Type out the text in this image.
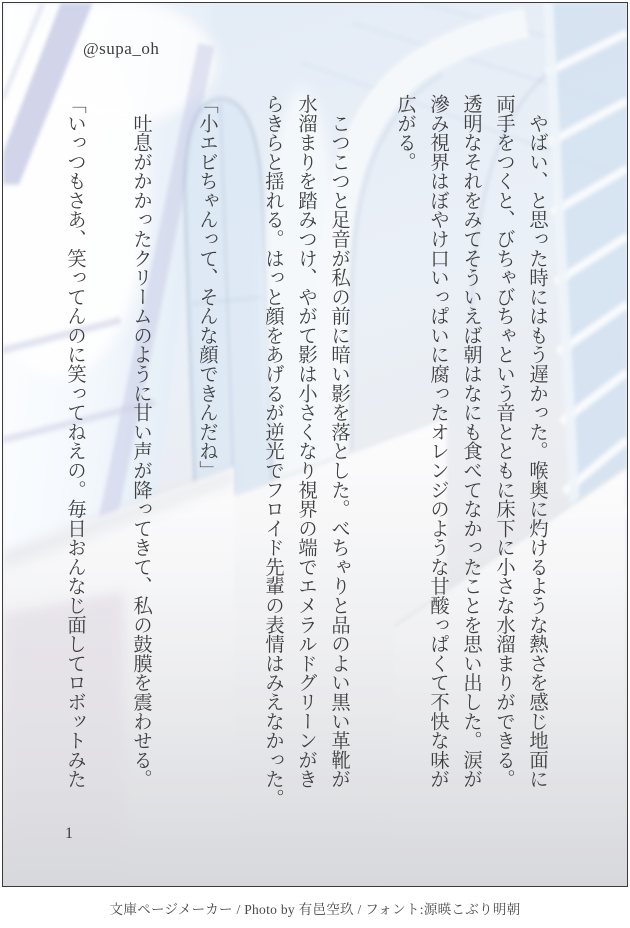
@supa_oh

　やばい、と思った時にはもう遅かった。喉奥に灼けるような熱さを感じ地面に
両手をつくと、びちゃびちゃという音とともに床下に小さな水溜まりができる。
透明なそれをみてそういえば朝はなにも食べてなかったことを思い出した。涙が
滲み視界はぼやけ口いっぱいに腐ったオレンジのような甘酸っぱくて不快な味が
広がる。

　こつこつと足音が私の前に暗い影を落とした。べちゃりと品のよい黒い革靴が
水溜まりを踏みつけ、やがて影は小さくなり視界の端でエメラルドグリーンがき
らきらと揺れる。はっと顔をあげるが逆光でフロイド先輩の表情はみえなかった。

「小エビちゃんって、そんな顔できんだね」

　吐息がかかったクリームのように甘い声が降ってきて、私の鼓膜を震わせる。

「いっつもさあ、笑ってんのに笑ってねえの。毎日おんなじ面してロボットみた

1
文庫ページメーカー / Photo by 有邑空玖 / フォント:源暎こぶり明朝
